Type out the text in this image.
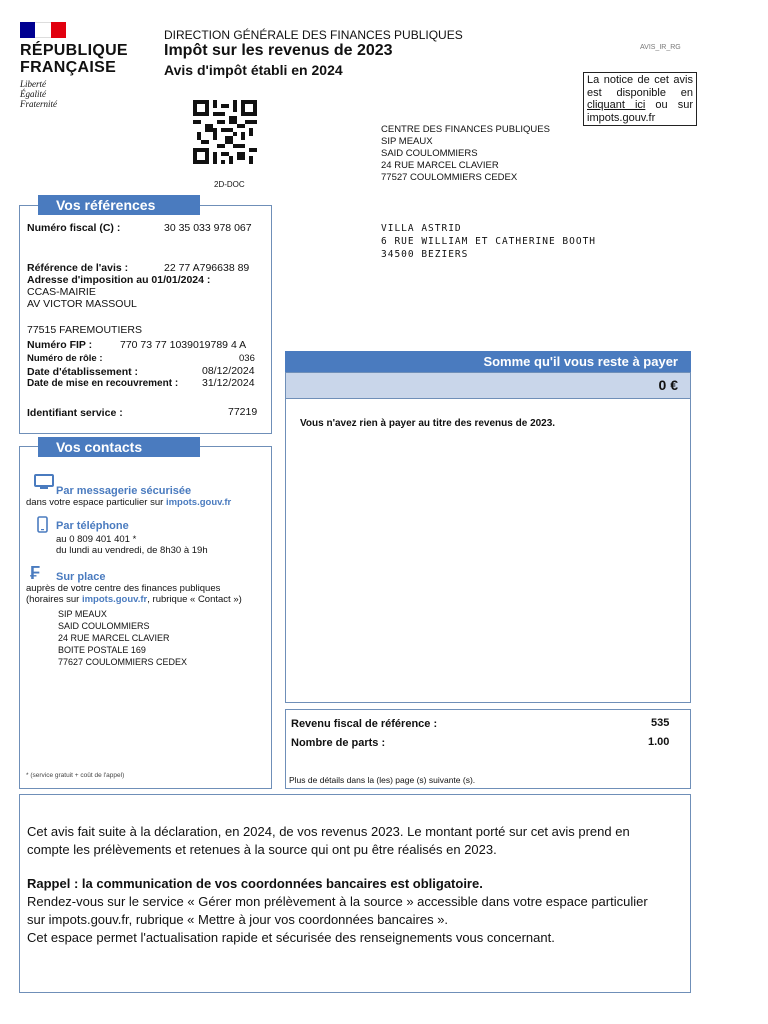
RÉPUBLIQUE
FRANÇAISE
Liberté
Égalité
Fraternité
DIRECTION GÉNÉRALE DES FINANCES PUBLIQUES
Impôt sur les revenus de 2023
Avis d'impôt établi en 2024
AVIS_IR_RG
La notice de cet avis est disponible en cliquant ici ou sur impots.gouv.fr
2D-DOC
CENTRE DES FINANCES PUBLIQUES
SIP MEAUX
SAID COULOMMIERS
24 RUE MARCEL CLAVIER
77527 COULOMMIERS CEDEX
VILLA ASTRID
6 RUE WILLIAM ET CATHERINE BOOTH
34500 BEZIERS
Vos références
Numéro fiscal (C) :	30 35 033 978 067
Référence de l'avis :	22 77 A796638 89
Adresse d'imposition au 01/01/2024 :
CCAS-MAIRIE
AV VICTOR MASSOUL
77515 FAREMOUTIERS
Numéro FIP :	770 73 77 1039019789 4 A
Numéro de rôle :	036
Date d'établissement :	08/12/2024
Date de mise en recouvrement : 31/12/2024
Identifiant service :	77219
Vos contacts
Par messagerie sécurisée
dans votre espace particulier sur impots.gouv.fr
Par téléphone
au 0 809 401 401 *
du lundi au vendredi, de 8h30 à 19h
₣ Sur place
auprès de votre centre des finances publiques
(horaires sur impots.gouv.fr, rubrique « Contact »)
SIP MEAUX
SAID COULOMMIERS
24 RUE MARCEL CLAVIER
BOITE POSTALE 169
77627 COULOMMIERS CEDEX
* (service gratuit + coût de l'appel)
Somme qu'il vous reste à payer
0 €
Vous n'avez rien à payer au titre des revenus de 2023.
Revenu fiscal de référence :	535
Nombre de parts :	1.00
Plus de détails dans la (les) page (s) suivante (s).
Cet avis fait suite à la déclaration, en 2024, de vos revenus 2023. Le montant porté sur cet avis prend en compte les prélèvements et retenues à la source qui ont pu être réalisés en 2023.
Rappel : la communication de vos coordonnées bancaires est obligatoire.
Rendez-vous sur le service « Gérer mon prélèvement à la source » accessible dans votre espace particulier sur impots.gouv.fr, rubrique « Mettre à jour vos coordonnées bancaires ».
Cet espace permet l'actualisation rapide et sécurisée des renseignements vous concernant.
